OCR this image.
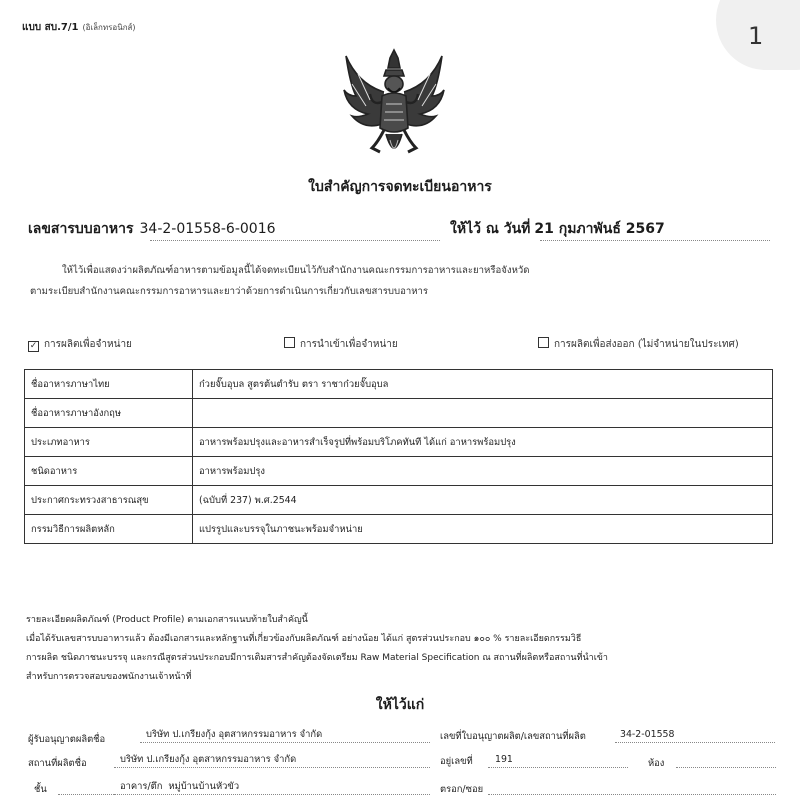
1
แบบ สบ.7/1 (อิเล็กทรอนิกส์)
ใบสำคัญการจดทะเบียนอาหาร
เลขสารบบอาหาร 34-2-01558-6-0016	ให้ไว้ ณ วันที่ 21 กุมภาพันธ์ 2567
ให้ไว้เพื่อแสดงว่าผลิตภัณฑ์อาหารตามข้อมูลนี้ได้จดทะเบียนไว้กับสำนักงานคณะกรรมการอาหารและยาหรือจังหวัด
ตามระเบียบสำนักงานคณะกรรมการอาหารและยาว่าด้วยการดำเนินการเกี่ยวกับเลขสารบบอาหาร
✓ การผลิตเพื่อจำหน่าย	การนำเข้าเพื่อจำหน่าย	การผลิตเพื่อส่งออก (ไม่จำหน่ายในประเทศ)
ชื่ออาหารภาษาไทย	ก๋วยจั๊บอุบล สูตรต้นตำรับ ตรา ราชาก๋วยจั๊บอุบล
ชื่ออาหารภาษาอังกฤษ	
ประเภทอาหาร	อาหารพร้อมปรุงและอาหารสำเร็จรูปที่พร้อมบริโภคทันที ได้แก่ อาหารพร้อมปรุง
ชนิดอาหาร	อาหารพร้อมปรุง
ประกาศกระทรวงสาธารณสุข	(ฉบับที่ 237) พ.ศ.2544
กรรมวิธีการผลิตหลัก	แปรรูปและบรรจุในภาชนะพร้อมจำหน่าย
รายละเอียดผลิตภัณฑ์ (Product Profile) ตามเอกสารแนบท้ายใบสำคัญนี้
เมื่อได้รับเลขสารบบอาหารแล้ว ต้องมีเอกสารและหลักฐานที่เกี่ยวข้องกับผลิตภัณฑ์ อย่างน้อย ได้แก่ สูตรส่วนประกอบ ๑๐๐ % รายละเอียดกรรมวิธี
การผลิต ชนิดภาชนะบรรจุ และกรณีสูตรส่วนประกอบมีการเติมสารสำคัญต้องจัดเตรียม Raw Material Specification ณ สถานที่ผลิตหรือสถานที่นำเข้า
สำหรับการตรวจสอบของพนักงานเจ้าหน้าที่
ให้ไว้แก่
ผู้รับอนุญาตผลิตชื่อ	บริษัท ป.เกรียงกุ้ง อุตสาหกรรมอาหาร จำกัด	เลขที่ใบอนุญาตผลิต/เลขสถานที่ผลิต	34-2-01558
สถานที่ผลิตชื่อ	บริษัท ป.เกรียงกุ้ง อุตสาหกรรมอาหาร จำกัด	อยู่เลขที่ 191	ห้อง
ชั้น	อาคาร/ตึก หมู่บ้านบ้านหัวขัว	ตรอก/ซอย
